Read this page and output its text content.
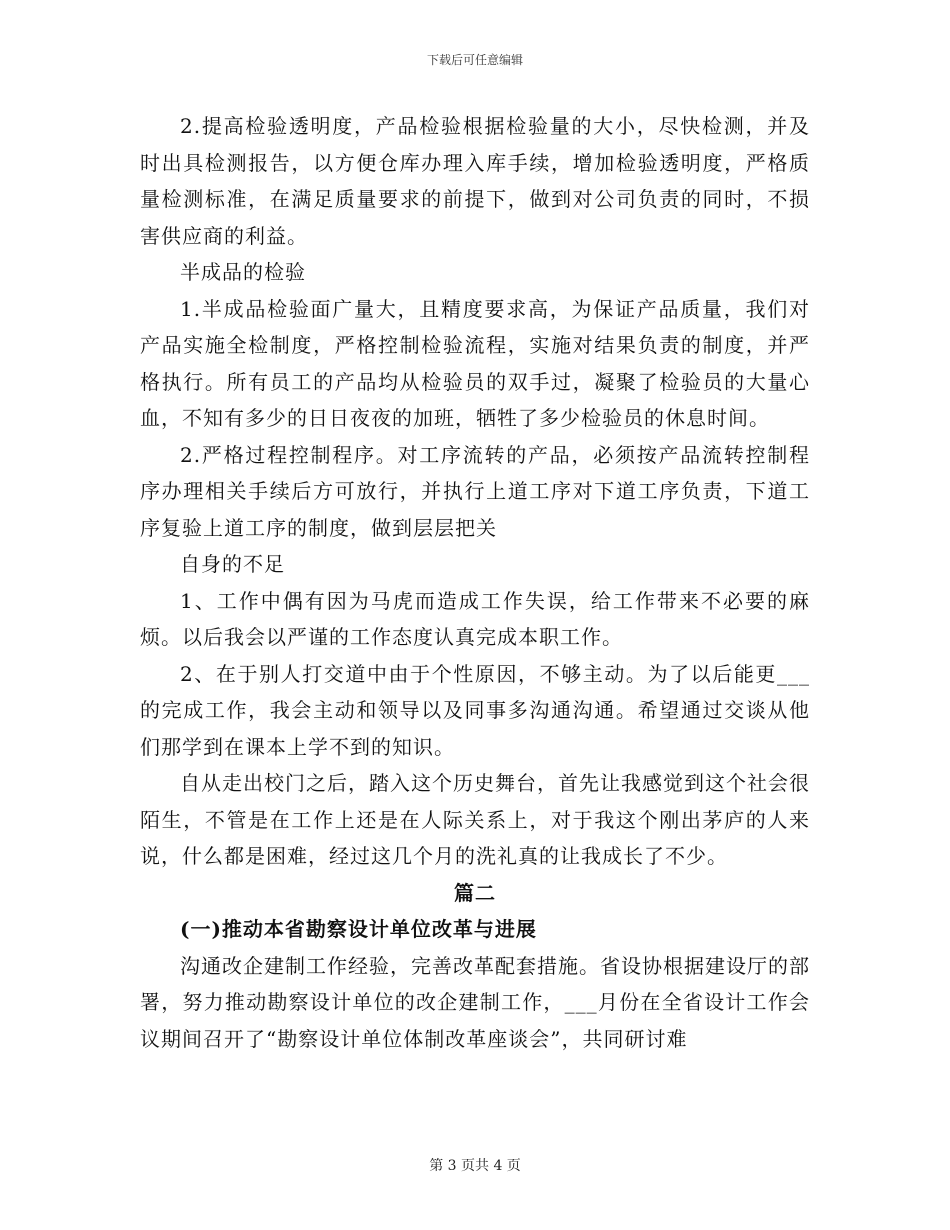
下载后可任意编辑

2.提高检验透明度，产品检验根据检验量的大小，尽快检测，并及时出具检测报告，以方便仓库办理入库手续，增加检验透明度，严格质量检测标准，在满足质量要求的前提下，做到对公司负责的同时，不损害供应商的利益。

半成品的检验

1.半成品检验面广量大，且精度要求高，为保证产品质量，我们对产品实施全检制度，严格控制检验流程，实施对结果负责的制度，并严格执行。所有员工的产品均从检验员的双手过，凝聚了检验员的大量心血，不知有多少的日日夜夜的加班，牺牲了多少检验员的休息时间。

2.严格过程控制程序。对工序流转的产品，必须按产品流转控制程序办理相关手续后方可放行，并执行上道工序对下道工序负责，下道工序复验上道工序的制度，做到层层把关

自身的不足

1、工作中偶有因为马虎而造成工作失误，给工作带来不必要的麻烦。以后我会以严谨的工作态度认真完成本职工作。

2、在于别人打交道中由于个性原因，不够主动。为了以后能更___的完成工作，我会主动和领导以及同事多沟通沟通。希望通过交谈从他们那学到在课本上学不到的知识。

自从走出校门之后，踏入这个历史舞台，首先让我感觉到这个社会很陌生，不管是在工作上还是在人际关系上，对于我这个刚出茅庐的人来说，什么都是困难，经过这几个月的洗礼真的让我成长了不少。

篇二

(一)推动本省勘察设计单位改革与进展

沟通改企建制工作经验，完善改革配套措施。省设协根据建设厅的部署，努力推动勘察设计单位的改企建制工作，___月份在全省设计工作会议期间召开了“勘察设计单位体制改革座谈会”，共同研讨难

第 3 页共 4 页
